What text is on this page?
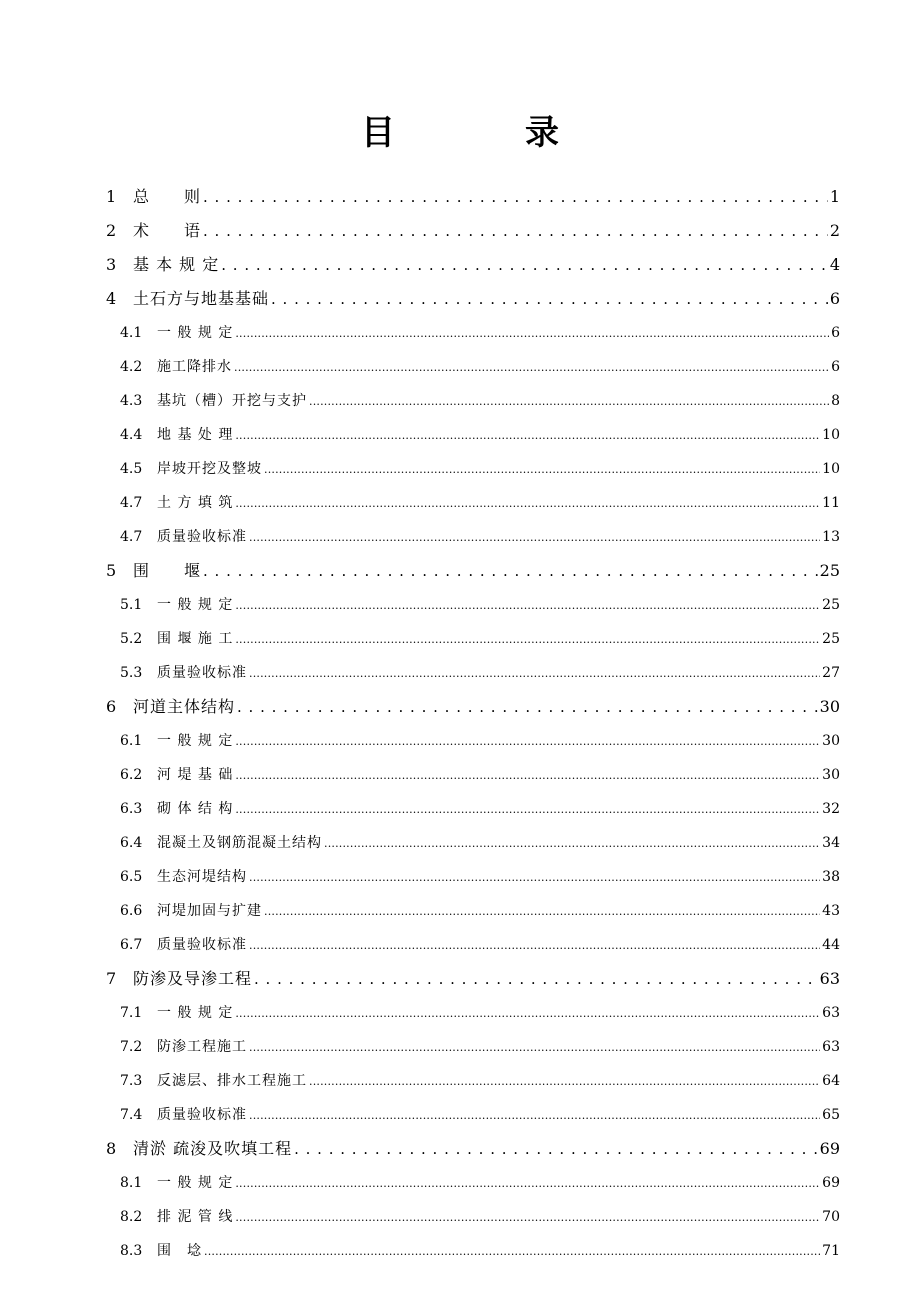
目　录
1	总　　则 . . .	1
2	术　　语 . . .	2
3	基 本 规 定 . . .	4
4	土石方与地基基础 . . .	6
4.1	一 般 规 定 .....	6
4.2	施工降排水 .....	6
4.3	基坑（槽）开挖与支护 .....	8
4.4	地 基 处 理 .....	10
4.5	岸坡开挖及整坡 .....	10
4.7	土 方 填 筑 .....	11
4.7	质量验收标准 .....	13
5	围　　堰 . . .	25
5.1	一 般 规 定 .....	25
5.2	围 堰 施 工 .....	25
5.3	质量验收标准 .....	27
6	河道主体结构 . . .	30
6.1	一 般 规 定 .....	30
6.2	河 堤 基 础 .....	30
6.3	砌 体 结 构 .....	32
6.4	混凝土及钢筋混凝土结构 .....	34
6.5	生态河堤结构 .....	38
6.6	河堤加固与扩建 .....	43
6.7	质量验收标准 .....	44
7	防渗及导渗工程 . . .	63
7.1	一 般 规 定 .....	63
7.2	防渗工程施工 .....	63
7.3	反滤层、排水工程施工 .....	64
7.4	质量验收标准 .....	65
8	清淤 疏浚及吹填工程 . . .	69
8.1	一 般 规 定 .....	69
8.2	排 泥 管 线 .....	70
8.3	围　埝 .....	71
